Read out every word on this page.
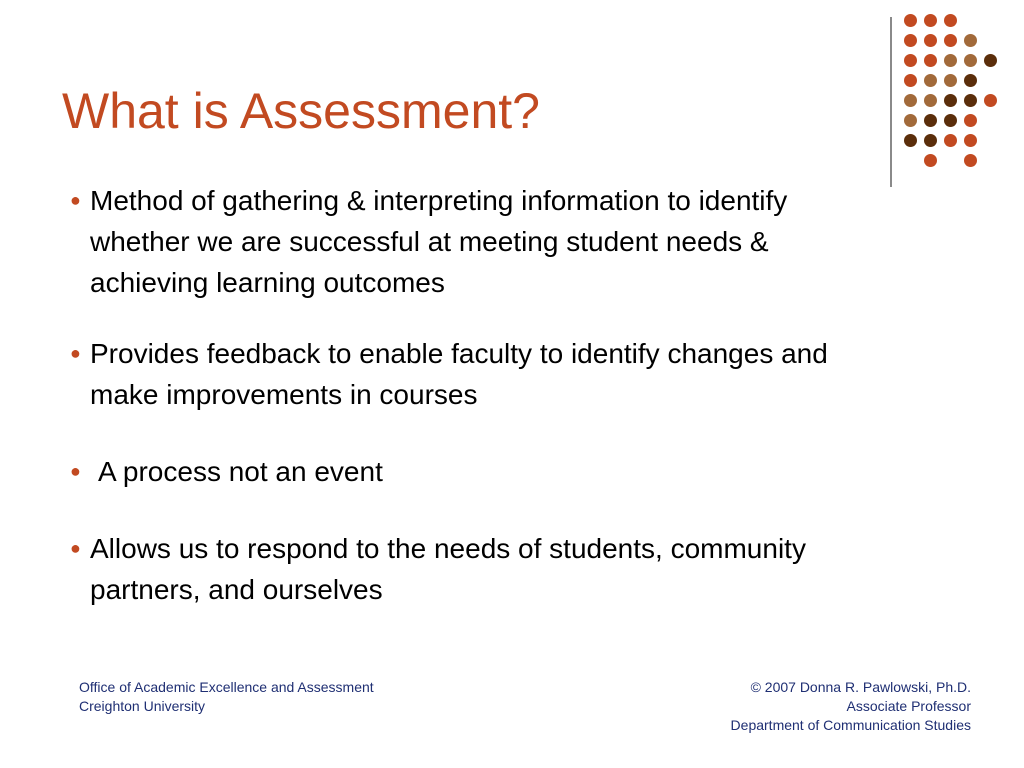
What is Assessment?
● Method of gathering & interpreting information to identify whether we are successful at meeting student needs & achieving learning outcomes
● Provides feedback to enable faculty to identify changes and make improvements in courses
● A process not an event
● Allows us to respond to the needs of students, community partners, and ourselves
Office of Academic Excellence and Assessment
Creighton University
© 2007 Donna R. Pawlowski, Ph.D.
Associate Professor
Department of Communication Studies
